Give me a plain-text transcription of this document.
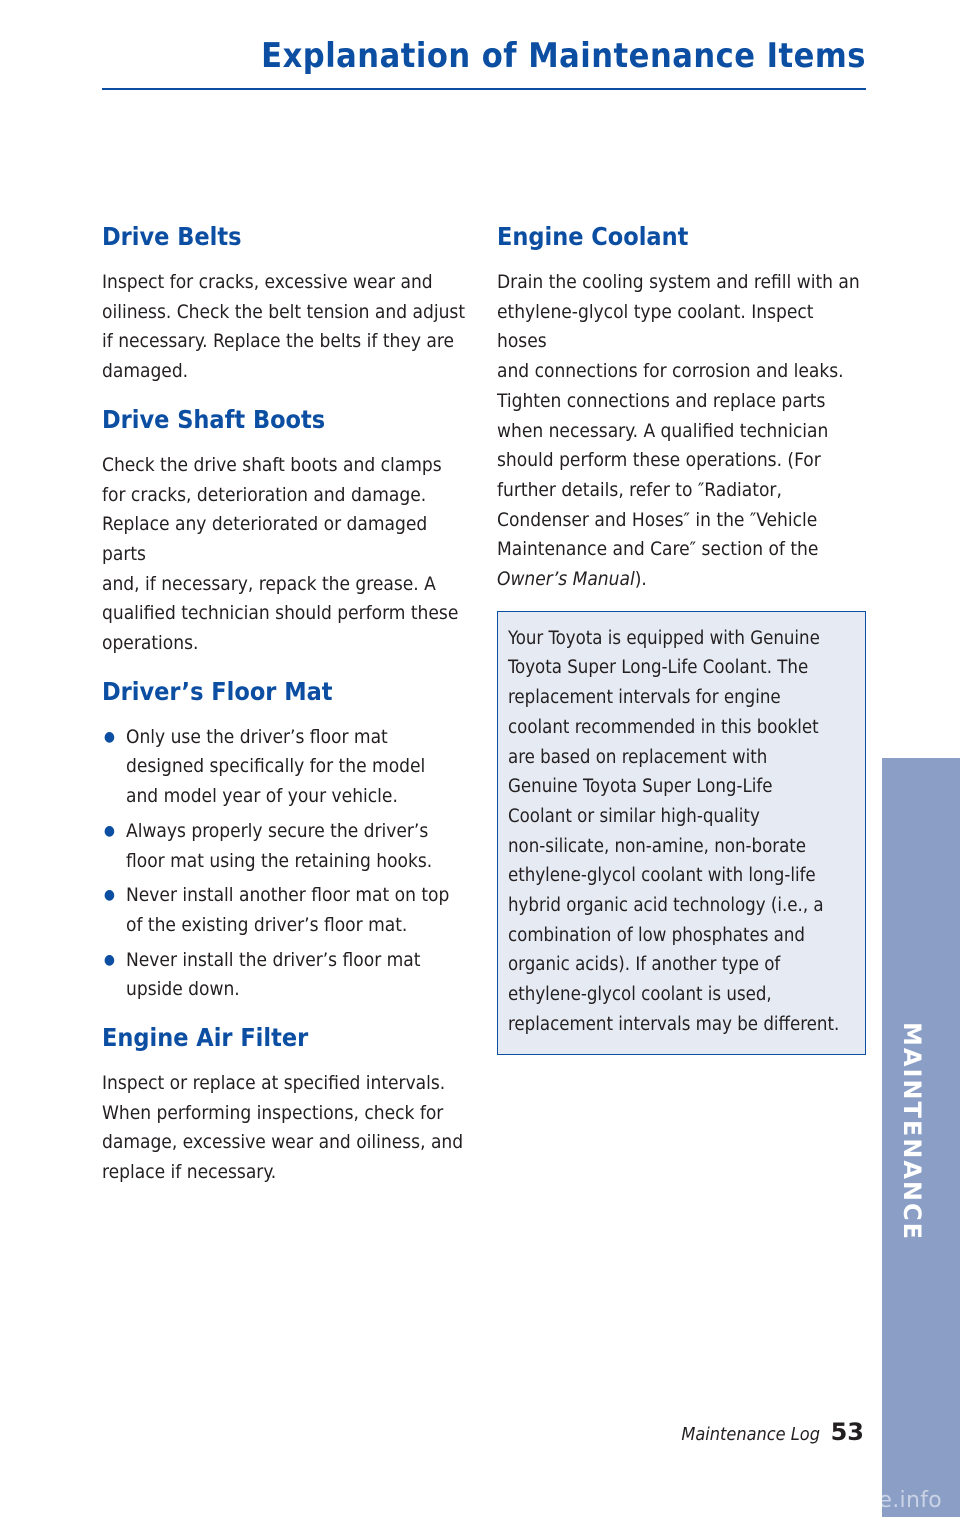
Explanation of Maintenance Items
Drive Belts

Inspect for cracks, excessive wear and
oiliness. Check the belt tension and adjust
if necessary. Replace the belts if they are
damaged.

Drive Shaft Boots

Check the drive shaft boots and clamps
for cracks, deterioration and damage.
Replace any deteriorated or damaged parts
and, if necessary, repack the grease. A
qualified technician should perform these
operations.

Driver’s Floor Mat
● Only use the driver’s floor mat
designed specifically for the model
and model year of your vehicle.
● Always properly secure the driver’s
floor mat using the retaining hooks.
● Never install another floor mat on top
of the existing driver’s floor mat.
● Never install the driver’s floor mat
upside down.
Engine Air Filter

Inspect or replace at specified intervals.
When performing inspections, check for
damage, excessive wear and oiliness, and
replace if necessary.

Engine Coolant

Drain the cooling system and refill with an
ethylene-glycol type coolant. Inspect hoses
and connections for corrosion and leaks.
Tighten connections and replace parts
when necessary. A qualified technician
should perform these operations. (For
further details, refer to ″Radiator,
Condenser and Hoses″ in the ″Vehicle
Maintenance and Care″ section of the
Owner’s Manual).

Your Toyota is equipped with Genuine
Toyota Super Long-Life Coolant. The
replacement intervals for engine
coolant recommended in this booklet
are based on replacement with
Genuine Toyota Super Long-Life
Coolant or similar high-quality
non-silicate, non-amine, non-borate
ethylene-glycol coolant with long-life
hybrid organic acid technology (i.e., a
combination of low phosphates and
organic acids). If another type of
ethylene-glycol coolant is used,
replacement intervals may be different.	MAINTENANCE
Maintenance Log 53
carmanualsonline.info
